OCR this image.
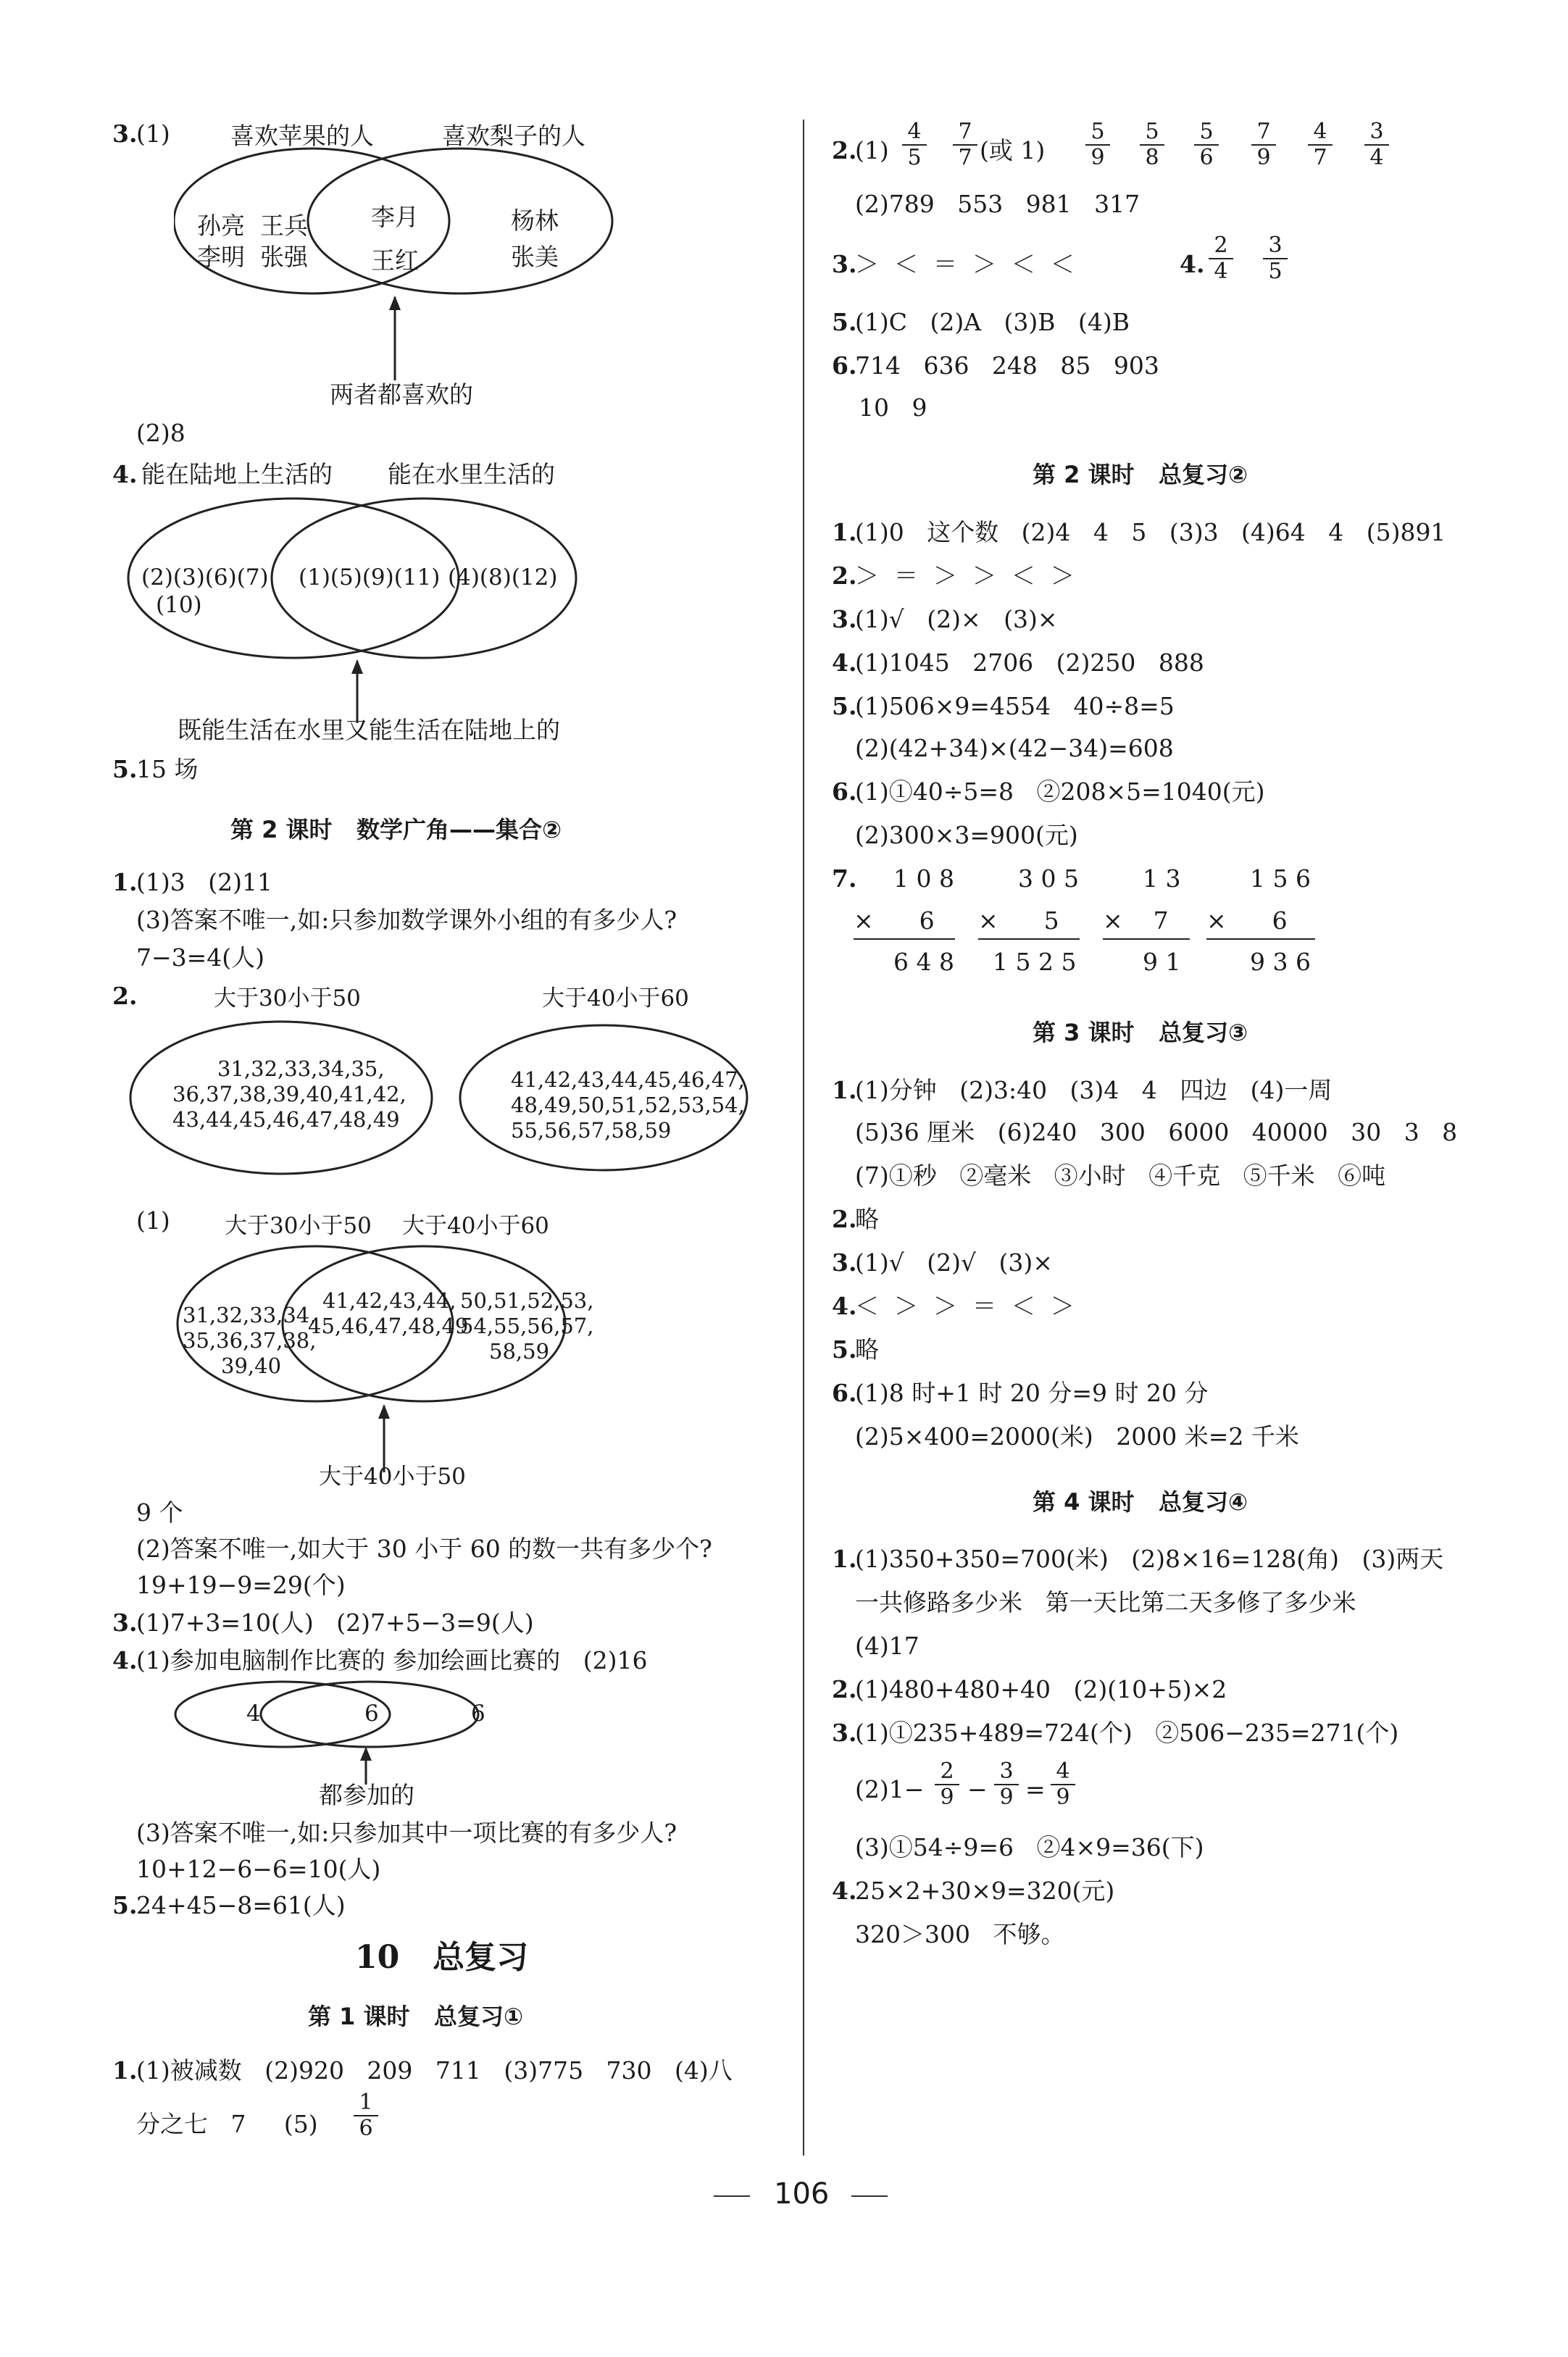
106
3.
(1)	喜欢苹果的人	喜欢梨子的人
孙亮  王兵
李明  张强
李月
王红
杨林
张美
两者都喜欢的
(2)8
4. 能在陆地上生活的 能在水里生活的
(2)(3)(6)(7)
(10)
(1)(5)(9)(11) (4)(8)(12)
既能生活在水里又能生活在陆地上的
5.
15 场
第 2 课时   数学广角——集合②
1.
(1)3   (2)11
(3)答案不唯一,如:只参加数学课外小组的有多少人?
7−3=4(人)
2.	大于30小于50	大于40小于60
31,32,33,34,35,
36,37,38,39,40,41,42,
43,44,45,46,47,48,49
41,42,43,44,45,46,47,
48,49,50,51,52,53,54,
55,56,57,58,59
(1) 大于30小于50 大于40小于60
31,32,33,34,
35,36,37,38,
39,40
41,42,43,44,
45,46,47,48,49
50,51,52,53,
54,55,56,57,
58,59
大于40小于50
9 个
(2)答案不唯一,如大于 30 小于 60 的数一共有多少个?
19+19−9=29(个)
3.
(1)7+3=10(人)   (2)7+5−3=9(人)
4.
(1)参加电脑制作比赛的 参加绘画比赛的   (2)16
4	6	6
都参加的
(3)答案不唯一,如:只参加其中一项比赛的有多少人?
10+12−6−6=10(人)
5.
24+45−8=61(人)
10   总复习
第 1 课时   总复习①
1.
(1)被减数   (2)920   209   711   (3)775   730   (4)八
分之七   7     $(5) \frac{1}{6}$
2.
$(1) \frac{4}{5} \frac{7}{7}$ (或 $1) \frac{5}{9} \frac{5}{8} \frac{5}{6} \frac{7}{9} \frac{4}{7} \frac{3}{4}$
(2)789   553   981   317
3.
＞  ＜  ＝  ＞  ＜  ＜	4. $\frac{2}{4} \frac{3}{5}$
5.
(1)C   (2)A   (3)B   (4)B
6.
714   636   248   85   903
10   9
第 2 课时   总复习②
1.
(1)0   这个数   (2)4   4   5   (3)3   (4)64   4   (5)891
2.
＞  ＝  ＞  ＞  ＜  ＞
3.
(1)√   (2)×   (3)×
4.
(1)1045   2706   (2)250   888
5.
(1)506×9=4554   40÷8=5
(2)(42+34)×(42−34)=608
6.
(1)①40÷5=8   ②208×5=1040(元)
(2)300×3=900(元)
7. 1 0 8
×      6
6 4 8
3 0 5
×      5
1 5 2 5
1 3
×    7
9 1
1 5 6
×      6
9 3 6
第 3 课时   总复习③
1.
(1)分钟   (2)3:40   (3)4   4   四边   (4)一周
(5)36 厘米   (6)240   300   6000   40000   30   3   8
(7)①秒   ②毫米   ③小时   ④千克   ⑤千米   ⑥吨
2.
略
3.
(1)√   (2)√   (3)×
4.
＜  ＞  ＞  ＝  ＜  ＞
5.
略
6.
(1)8 时+1 时 20 分=9 时 20 分
(2)5×400=2000(米)   2000 米=2 千米
第 4 课时   总复习④
1.
(1)350+350=700(米)   (2)8×16=128(角)   (3)两天
一共修路多少米   第一天比第二天多修了多少米
(4)17
2.
(1)480+480+40   (2)(10+5)×2
3.
(1)①235+489=724(个)   ②506−235=271(个)
$(2)1- \frac{2}{9} - \frac{3}{9} = \frac{4}{9}$
(3)①54÷9=6   ②4×9=36(下)
4.
25×2+30×9=320(元)
320＞300   不够。
